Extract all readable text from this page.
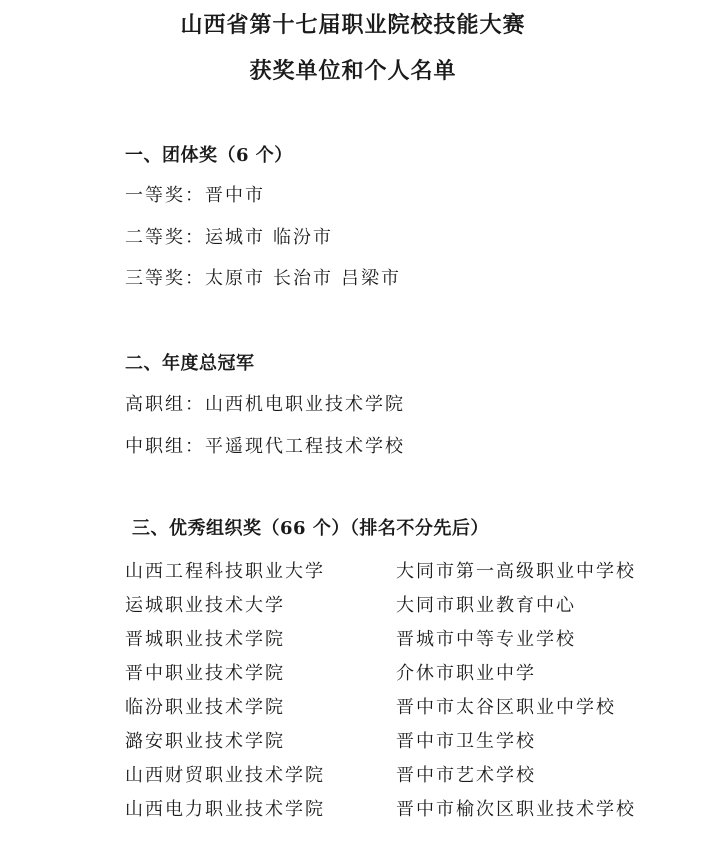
山西省第十七届职业院校技能大赛
获奖单位和个人名单
一、团体奖（6 个）
一等奖：晋中市
二等奖：运城市 临汾市
三等奖：太原市 长治市 吕梁市
二、年度总冠军
高职组：山西机电职业技术学院
中职组：平遥现代工程技术学校
三、优秀组织奖（66 个）（排名不分先后）
山西工程科技职业大学
运城职业技术大学
晋城职业技术学院
晋中职业技术学院
临汾职业技术学院
潞安职业技术学院
山西财贸职业技术学院
山西电力职业技术学院
大同市第一高级职业中学校
大同市职业教育中心
晋城市中等专业学校
介休市职业中学
晋中市太谷区职业中学校
晋中市卫生学校
晋中市艺术学校
晋中市榆次区职业技术学校
